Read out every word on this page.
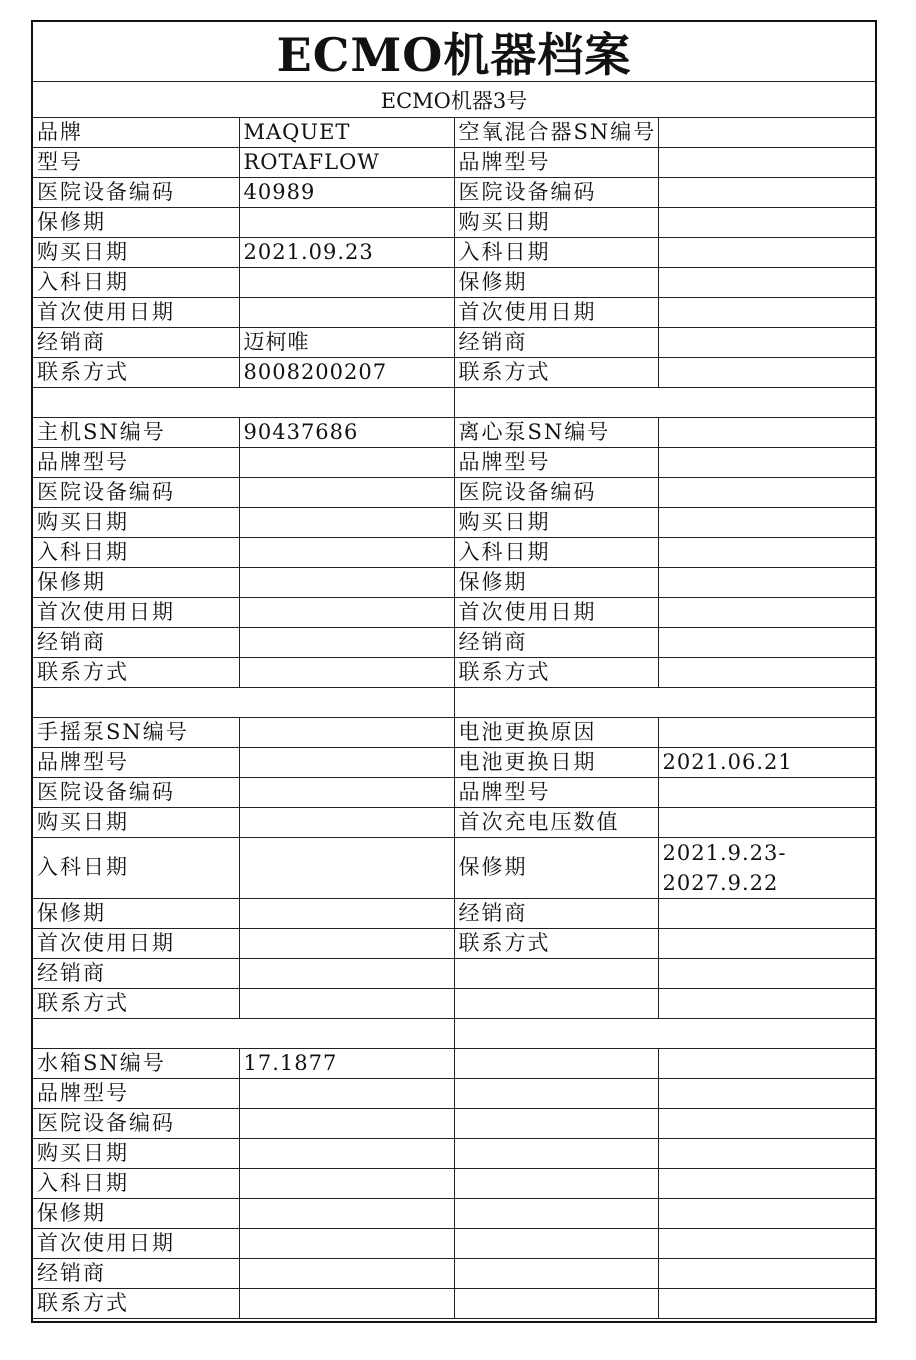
ECMO机器档案
ECMO机器3号
品牌	MAQUET	空氧混合器SN编号	
型号	ROTAFLOW	品牌型号	
医院设备编码	40989	医院设备编码	
保修期		购买日期	
购买日期	2021.09.23	入科日期	
入科日期		保修期	
首次使用日期		首次使用日期	
经销商	迈柯唯	经销商	
联系方式	8008200207	联系方式	

主机SN编号	90437686	离心泵SN编号	
品牌型号		品牌型号	
医院设备编码		医院设备编码	
购买日期		购买日期	
入科日期		入科日期	
保修期		保修期	
首次使用日期		首次使用日期	
经销商		经销商	
联系方式		联系方式	

手摇泵SN编号		电池更换原因	
品牌型号		电池更换日期	2021.06.21
医院设备编码		品牌型号	
购买日期		首次充电压数值	
入科日期		保修期	2021.9.23-2027.9.22
保修期		经销商	
首次使用日期		联系方式	
经销商			
联系方式			

水箱SN编号	17.1877		
品牌型号			
医院设备编码			
购买日期			
入科日期			
保修期			
首次使用日期			
经销商			
联系方式			
